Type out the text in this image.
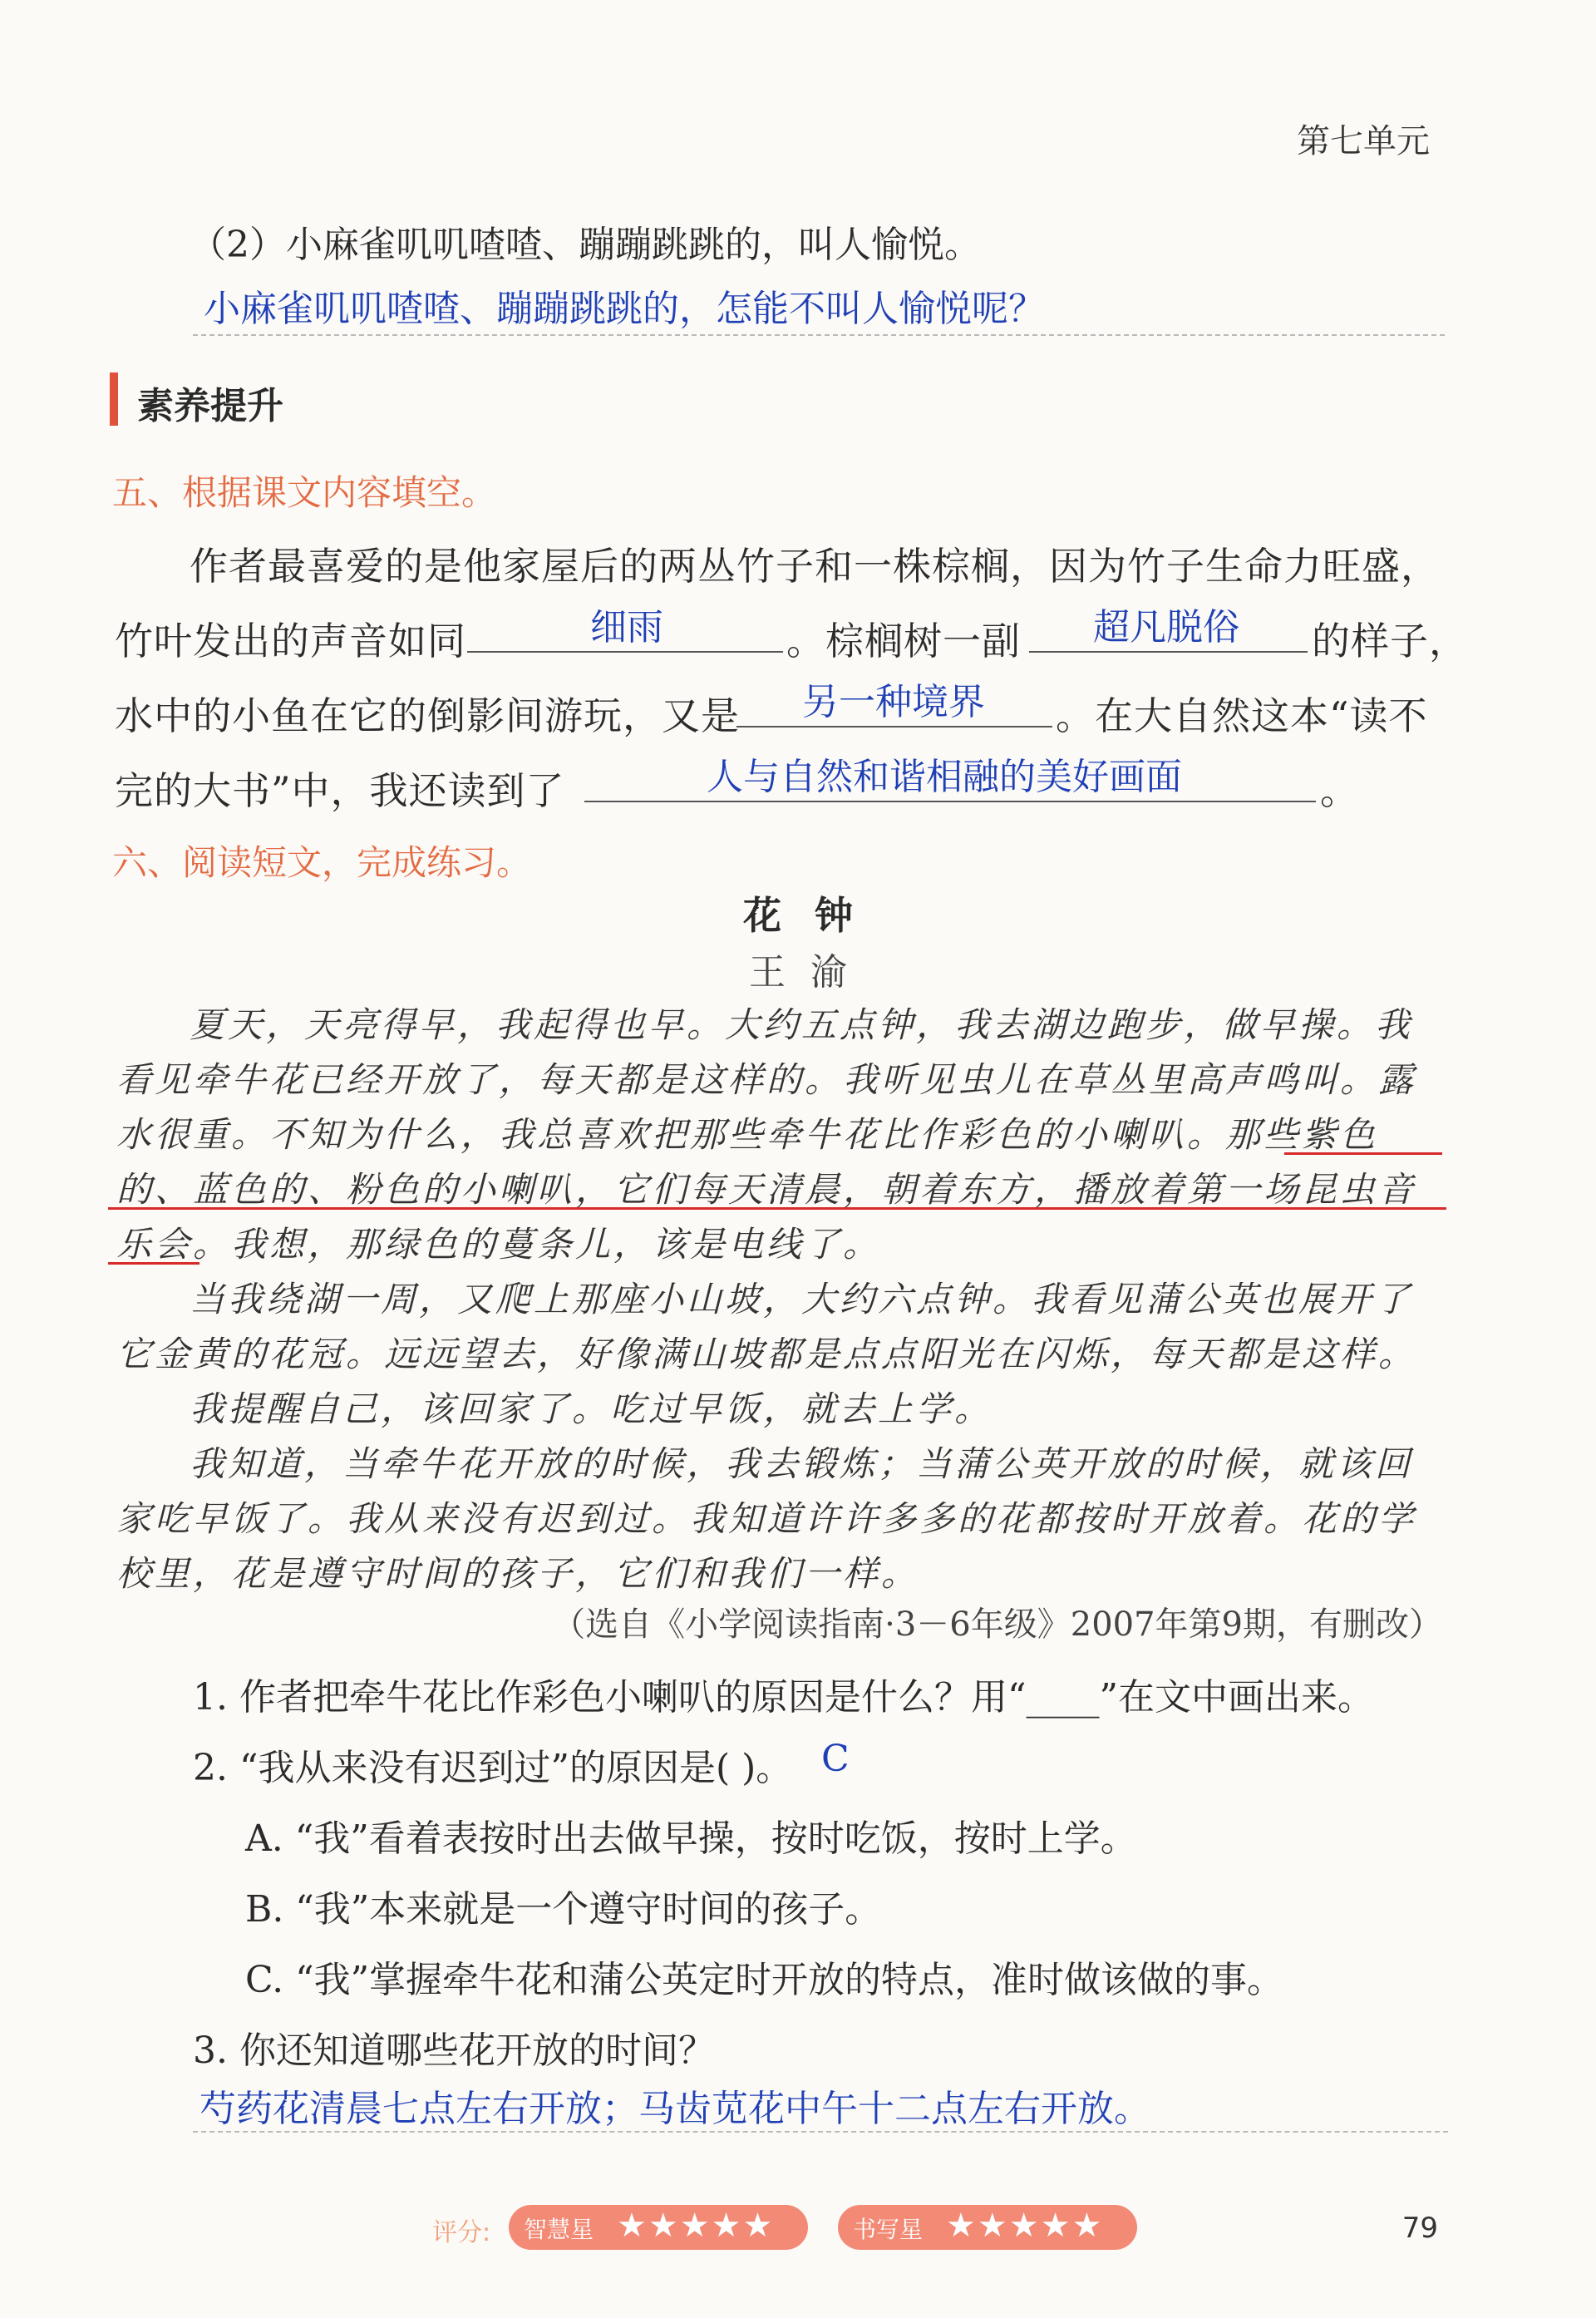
第七单元
（2）小麻雀叽叽喳喳、蹦蹦跳跳的，叫人愉悦。
小麻雀叽叽喳喳、蹦蹦跳跳的，怎能不叫人愉悦呢？
素养提升
五、根据课文内容填空。
作者最喜爱的是他家屋后的两丛竹子和一株棕榈，因为竹子生命力旺盛，
竹叶发出的声音如同	细雨	。棕榈树一副 超凡脱俗 的样子，
水中的小鱼在它的倒影间游玩，又是 另一种境界 。在大自然这本“读不
完的大书”中，我还读到了	人与自然和谐相融的美好画面	。
六、阅读短文，完成练习。
花钟
王渝
夏天，天亮得早，我起得也早。大约五点钟，我去湖边跑步，做早操。我
看见牵牛花已经开放了，每天都是这样的。我听见虫儿在草丛里高声鸣叫。露
水很重。不知为什么，我总喜欢把那些牵牛花比作彩色的小喇叭。那些紫色
的、蓝色的、粉色的小喇叭，它们每天清晨，朝着东方，播放着第一场昆虫音
乐会。我想，那绿色的蔓条儿，该是电线了。
当我绕湖一周，又爬上那座小山坡，大约六点钟。我看见蒲公英也展开了
它金黄的花冠。远远望去，好像满山坡都是点点阳光在闪烁，每天都是这样。
我提醒自己，该回家了。吃过早饭，就去上学。
我知道，当牵牛花开放的时候，我去锻炼；当蒲公英开放的时候，就该回
家吃早饭了。我从来没有迟到过。我知道许许多多的花都按时开放着。花的学
校里，花是遵守时间的孩子，它们和我们一样。
（选自《小学阅读指南·3－6年级》2007年第9期，有删改）
1. 作者把牵牛花比作彩色小喇叭的原因是什么？用“____”在文中画出来。
2. “我从来没有迟到过”的原因是( )。 C
A. “我”看着表按时出去做早操，按时吃饭，按时上学。
B. “我”本来就是一个遵守时间的孩子。
C. “我”掌握牵牛花和蒲公英定时开放的特点，准时做该做的事。
3. 你还知道哪些花开放的时间？
芍药花清晨七点左右开放；马齿苋花中午十二点左右开放。
评分: 智慧星 ★★★★★	书写星 ★★★★★	79
